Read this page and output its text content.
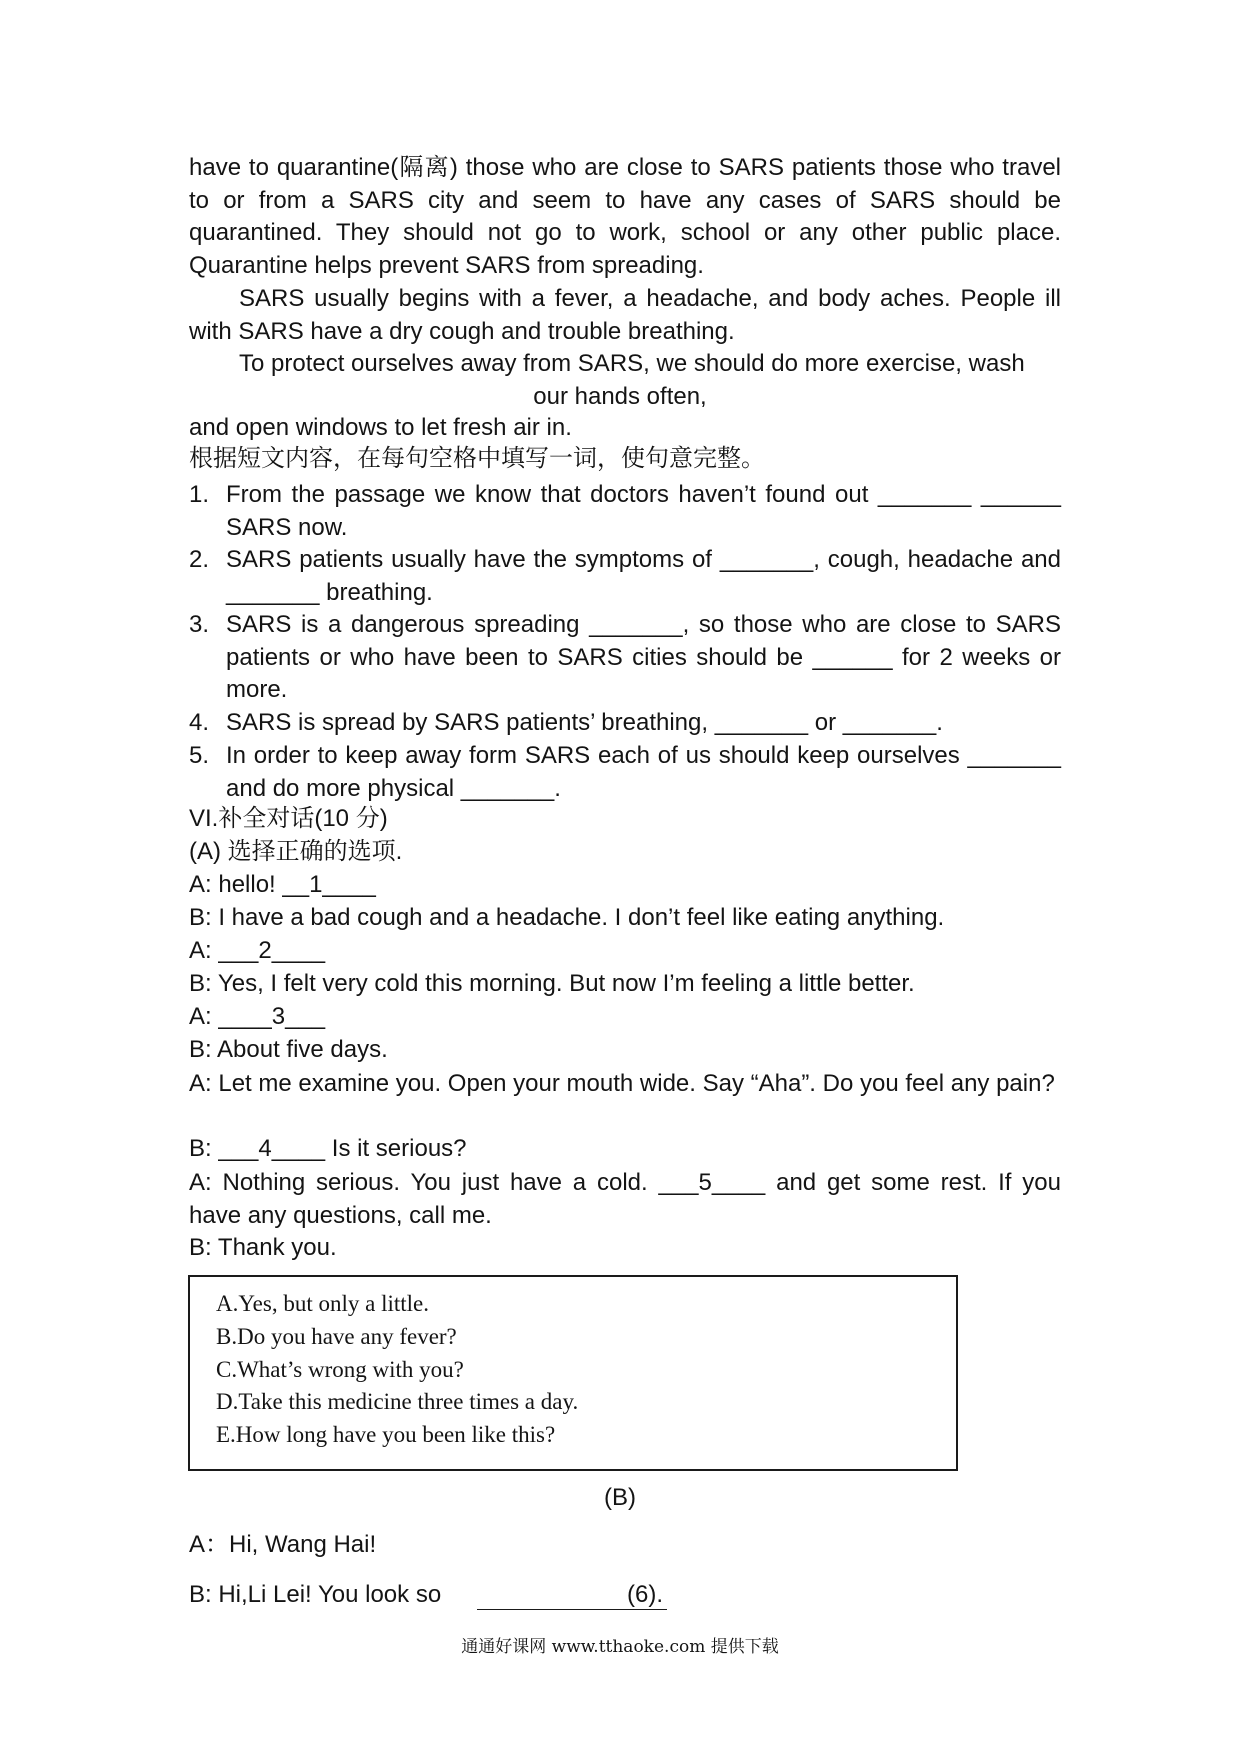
have to quarantine(隔离) those who are close to SARS patients those who travel to or from a SARS city and seem to have any cases of SARS should be quarantined. They should not go to work, school or any other public place. Quarantine helps prevent SARS from spreading.

SARS usually begins with a fever, a headache, and body aches. People ill with SARS have a dry cough and trouble breathing.

To protect ourselves away from SARS, we should do more exercise, wash

our hands often,
and open windows to let fresh air in.
根据短文内容，在每句空格中填写一词，使句意完整。
1. From the passage we know that doctors haven’t found out _______ ______ SARS now.
2. SARS patients usually have the symptoms of _______, cough, headache and _______ breathing.
3. SARS is a dangerous spreading _______, so those who are close to SARS patients or who have been to SARS cities should be ______ for 2 weeks or more.
4. SARS is spread by SARS patients’ breathing, _______ or _______.
5. In order to keep away form SARS each of us should keep ourselves _______ and do more physical _______.
VI.补全对话(10 分)
(A) 选择正确的选项.
A: hello! __1____
B: I have a bad cough and a headache. I don’t feel like eating anything.
A: ___2____
B: Yes, I felt very cold this morning. But now I’m feeling a little better.
A: ____3___
B: About five days.

A: Let me examine you. Open your mouth wide. Say “Aha”. Do you feel any pain?

B: ___4____ Is it serious?

A: Nothing serious. You just have a cold. ___5____ and get some rest. If you have any questions, call me.

B: Thank you.
A.Yes, but only a little.
B.Do you have any fever?
C.What’s wrong with you?
D.Take this medicine three times a day.
E.How long have you been like this?
(B)
A：Hi, Wang Hai!
B: Hi,Li Lei! You look so	(6).
通通好课网 www.tthaoke.com 提供下载
